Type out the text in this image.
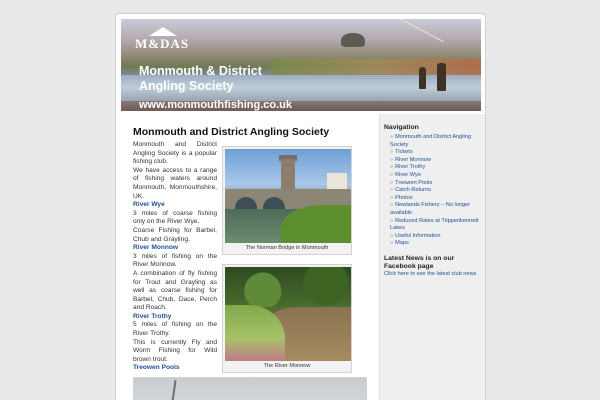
M&DAS
Monmouth & District
Angling Society
www.monmouthfishing.co.uk
Monmouth and District Angling Society

Monmouth and District Angling Society is a popular fishing club.

We have access to a range of fishing waters around Monmouth, Monmouthshire, UK.

River Wye

3 miles of coarse fishing only on the River Wye.

Coarse Fishing for Barbel, Chub and Grayling.

River Monnow

3 miles of fishing on the River Monnow.

A combination of fly fishing for Trout and Grayling as well as coarse fishing for Barbel, Chub, Dace, Perch and Roach.

River Trothy

5 miles of fishing on the River Trothy.

This is currently Fly and Worm Fishing for Wild brown trout.

Treowen Pools
The Norman Bridge in Monmouth
The River Monnow
Navigation
» Monmouth and District Angling Society
» Tickets
» River Monnow
» River Trothy
» River Wye
» Treowen Pools
» Catch Returns
» Photos
» Newlands Fishery – No longer available
» Reduced Rates at Trippenkennett Lakes
» Useful Information
» Maps
Latest News is on our Facebook page
Click here to see the latest club news
